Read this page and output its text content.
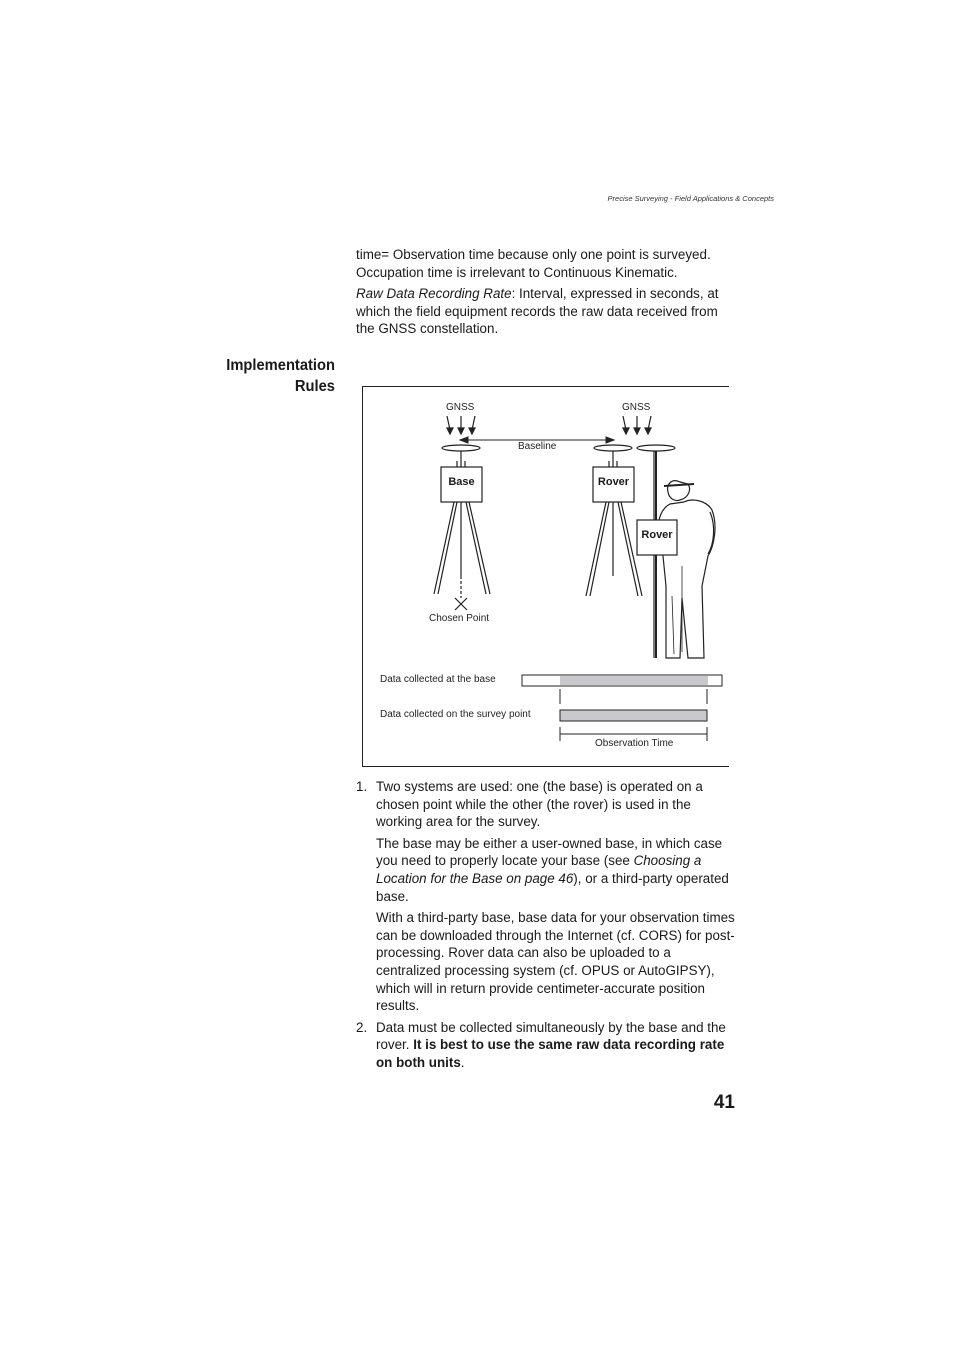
Precise Surveying - Field Applications & Concepts

time= Observation time because only one point is surveyed. Occupation time is irrelevant to Continuous Kinematic.

Raw Data Recording Rate: Interval, expressed in seconds, at which the field equipment records the raw data received from the GNSS constellation.

Implementation
Rules
GNSS	GNSS
Baseline
Base	Rover
Rover
Chosen Point
Data collected at the base
Data collected on the survey point
Observation Time
1. Two systems are used: one (the base) is operated on a chosen point while the other (the rover) is used in the working area for the survey.

The base may be either a user-owned base, in which case you need to properly locate your base (see Choosing a Location for the Base on page 46), or a third-party operated base.

With a third-party base, base data for your observation times can be downloaded through the Internet (cf. CORS) for post-processing. Rover data can also be uploaded to a centralized processing system (cf. OPUS or AutoGIPSY), which will in return provide centimeter-accurate position results.

2. Data must be collected simultaneously by the base and the rover. It is best to use the same raw data recording rate on both units.

41
